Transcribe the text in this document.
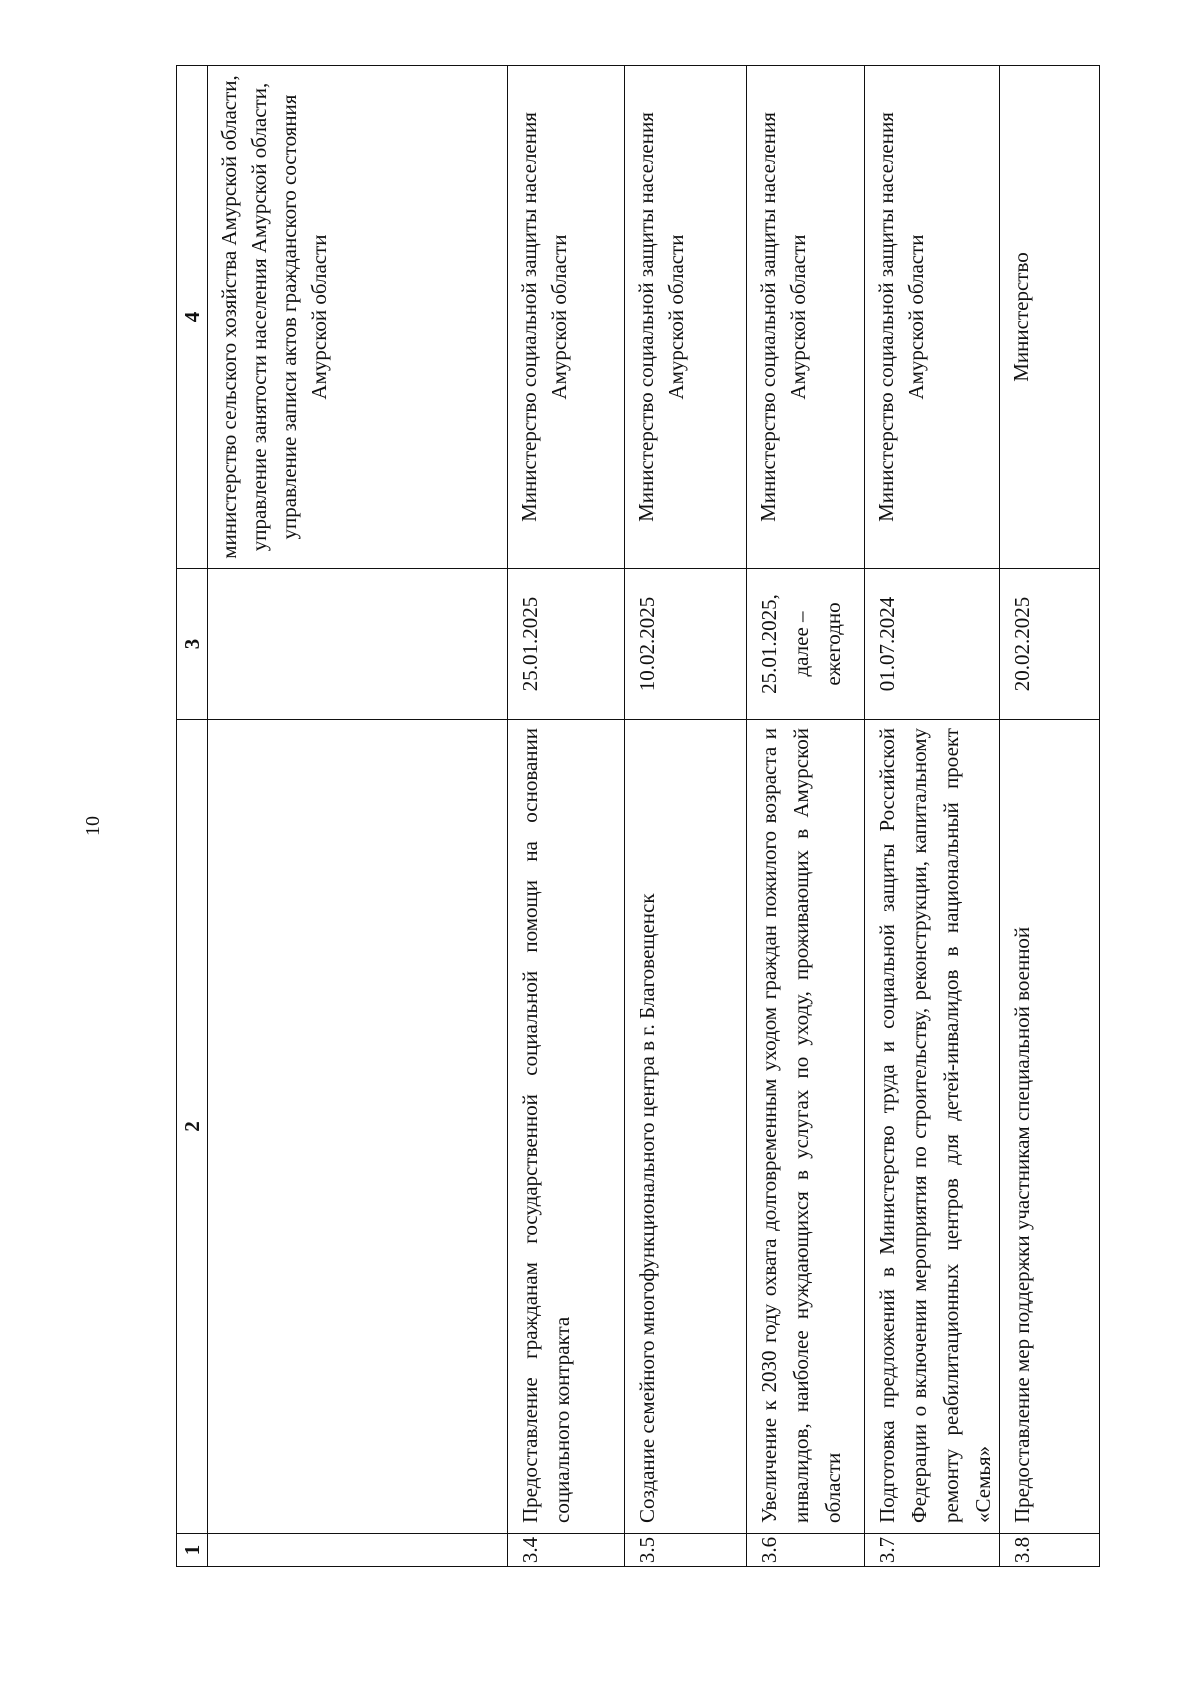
10
1	2	3	4
			министерство сельского хозяйства Амурской области, управление занятости населения Амурской области, управление записи актов гражданского состояния Амурской области
3.4	Предоставление гражданам государственной социальной помощи на основании социального контракта	25.01.2025	Министерство социальной защиты населения Амурской области
3.5	Создание семейного многофункционального центра в г. Благовещенск	10.02.2025	Министерство социальной защиты населения Амурской области
3.6	Увеличение к 2030 году охвата долговременным уходом граждан пожилого возраста и инвалидов, наиболее нуждающихся в услугах по уходу, проживающих в Амурской области	25.01.2025, далее – ежегодно	Министерство социальной защиты населения Амурской области
3.7	Подготовка предложений в Министерство труда и социальной защиты Российской Федерации о включении мероприятия по строительству, реконструкции, капитальному ремонту реабилитационных центров для детей-инвалидов в национальный проект «Семья»	01.07.2024	Министерство социальной защиты населения Амурской области
3.8	Предоставление мер поддержки участникам специальной военной	20.02.2025	Министерство
